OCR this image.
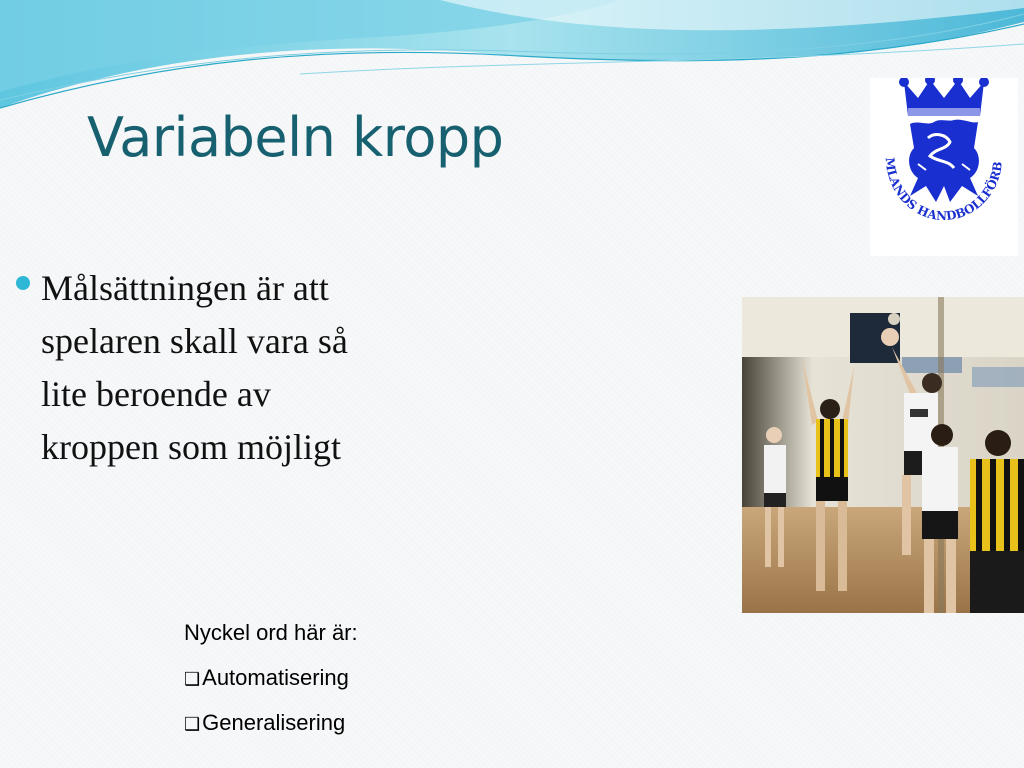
Variabeln kropp	MLANDS HANDBOLLFÖRB
Målsättningen är att spelaren skall vara så lite beroende av kroppen som möjligt
Nyckel ord här är:
❑Automatisering
❑Generalisering
